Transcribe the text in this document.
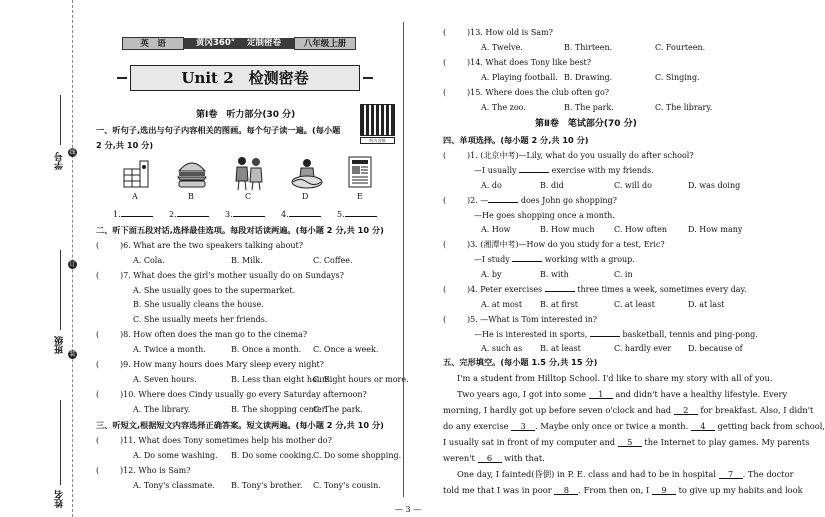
学号
班级
姓名
线
订
装
英　语	黄冈360° 定制密卷	八年级上册
Unit 2　检测密卷
听力音频
第Ⅰ卷　听力部分(30 分)
一、听句子,选出与句子内容相关的图画。每个句子读一遍。(每小题
2 分,共 10 分)
A	B	C	D	E
1.	2.	3.	4.	5.
二、听下面五段对话,选择最佳选项。每段对话读两遍。(每小题 2 分,共 10 分)
(	)6. What are the two speakers talking about?
A. Cola.	B. Milk.	C. Coffee.
(	)7. What does the girl's mother usually do on Sundays?
A. She usually goes to the supermarket.
B. She usually cleans the house.
C. She usually meets her friends.
(	)8. How often does the man go to the cinema?
A. Twice a month.	B. Once a month. C. Once a week.
(	)9. How many hours does Mary sleep every night?
A. Seven hours.	B. Less than eight hours.
C. Eight hours or more.
(	)10. Where does Cindy usually go every Saturday afternoon?
A. The library.	B. The shopping center.
C. The park.
三、听短文,根据短文内容选择正确答案。短文读两遍。(每小题 2 分,共 10 分)
(	)11. What does Tony sometimes help his mother do?
A. Do some washing. B. Do some cooking. C. Do some shopping.
(	)12. Who is Sam?
A. Tony's classmate. B. Tony's brother. C. Tony's cousin.
(	)13. How old is Sam?
A. Twelve.	B. Thirteen.	C. Fourteen.
(	)14. What does Tony like best?
A. Playing football. B. Drawing.	C. Singing.
(	)15. Where does the club often go?
A. The zoo.	B. The park.	C. The library.
第Ⅱ卷　笔试部分(70 分)
四、单项选择。(每小题 2 分,共 10 分)
(	)1. (北京中考)—Lily, what do you usually do after school?
—I usually	exercise with my friends.
A. do	B. did	C. will do	D. was doing
(	)2. —	does John go shopping?
—He goes shopping once a month.
A. How	B. How much C. How often	D. How many
(	)3. (湘潭中考)—How do you study for a test, Eric?
—I study	working with a group.
A. by	B. with	C. in
(	)4. Peter exercises	three times a week, sometimes every day.
A. at most B. at first	C. at least	D. at last
(	)5. —What is Tom interested in?
—He is interested in sports,	basketball, tennis and ping-pong.
A. such as B. at least	C. hardly ever D. because of
五、完形填空。(每小题 1.5 分,共 15 分)
I'm a student from Hilltop School. I'd like to share my story with all of you.
Two years ago, I got into some 1 and didn't have a healthy lifestyle. Every
morning, I hardly got up before seven o'clock and had 2 for breakfast. Also, I didn't
do any exercise 3 . Maybe only once or twice a month. 4 getting back from school,
I usually sat in front of my computer and 5 the Internet to play games. My parents
weren't 6 with that.
One day, I fainted(昏倒) in P. E. class and had to be in hospital 7 . The doctor
told me that I was in poor 8 . From then on, I 9 to give up my habits and look
— 3 —
